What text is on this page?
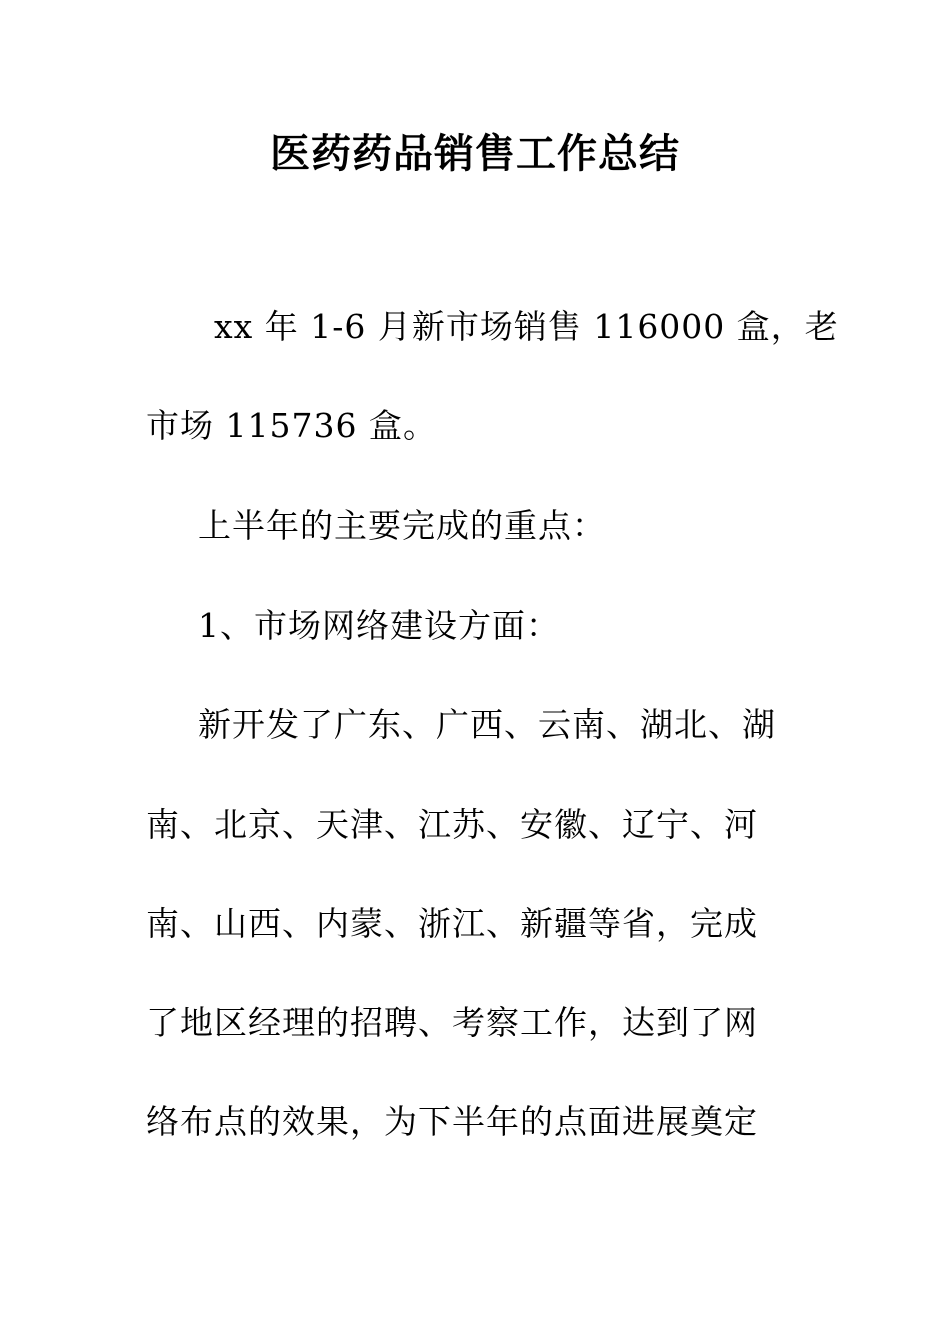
医药药品销售工作总结
xx 年 1-6 月新市场销售 116000 盒，老
市场 115736 盒。
上半年的主要完成的重点：
1、市场网络建设方面：
新开发了广东、广西、云南、湖北、湖
南、北京、天津、江苏、安徽、辽宁、河
南、山西、内蒙、浙江、新疆等省，完成
了地区经理的招聘、考察工作，达到了网
络布点的效果，为下半年的点面进展奠定
